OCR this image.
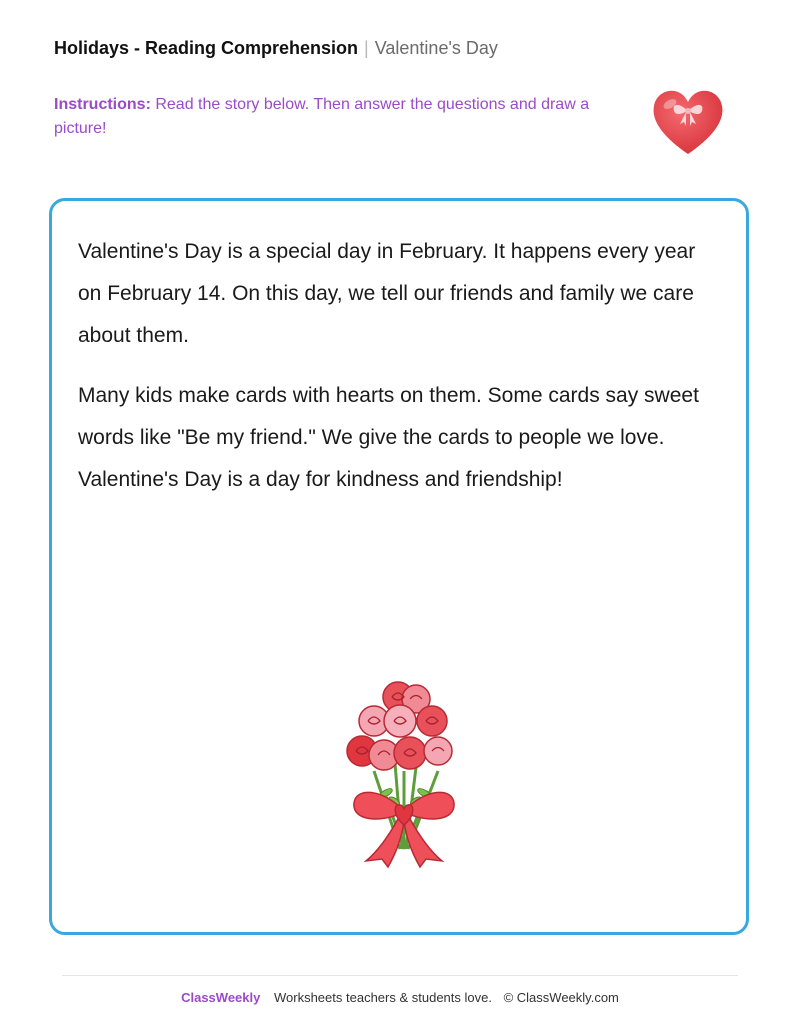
Holidays - Reading Comprehension | Valentine's Day
Instructions: Read the story below. Then answer the questions and draw a picture!

Valentine's Day is a special day in February. It happens every year on February 14. On this day, we tell our friends and family we care about them.

Many kids make cards with hearts on them. Some cards say sweet words like "Be my friend." We give the cards to people we love. Valentine's Day is a day for kindness and friendship!

ClassWeekly Worksheets teachers & students love. © ClassWeekly.com
